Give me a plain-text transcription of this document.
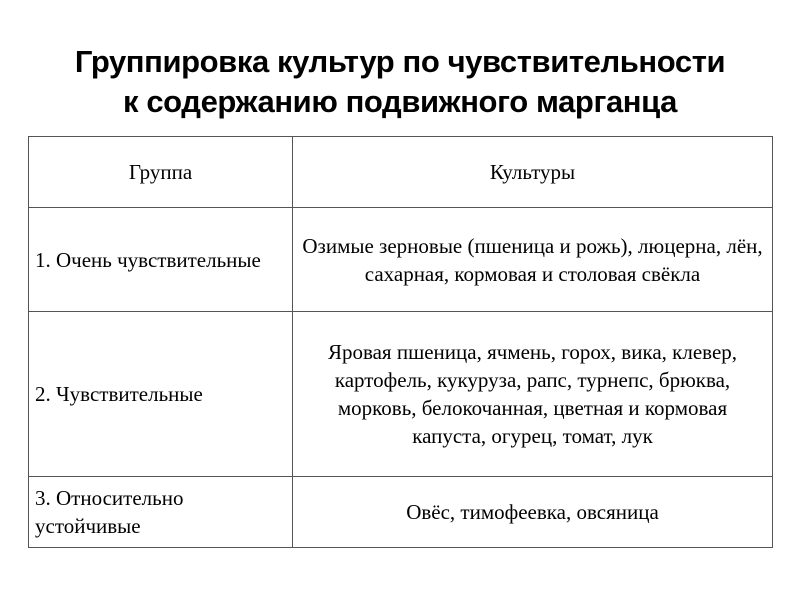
Группировка культур по чувствительности
к содержанию подвижного марганца
Группа	Культуры
1. Очень чувствительные	Озимые зерновые (пшеница и рожь), люцерна, лён, сахарная, кормовая и столовая свёкла
2. Чувствительные	Яровая пшеница, ячмень, горох, вика, клевер, картофель, кукуруза, рапс, турнепс, брюква, морковь, белокочанная, цветная и кормовая капуста, огурец, томат, лук
3. Относительно устойчивые	Овёс, тимофеевка, овсяница
